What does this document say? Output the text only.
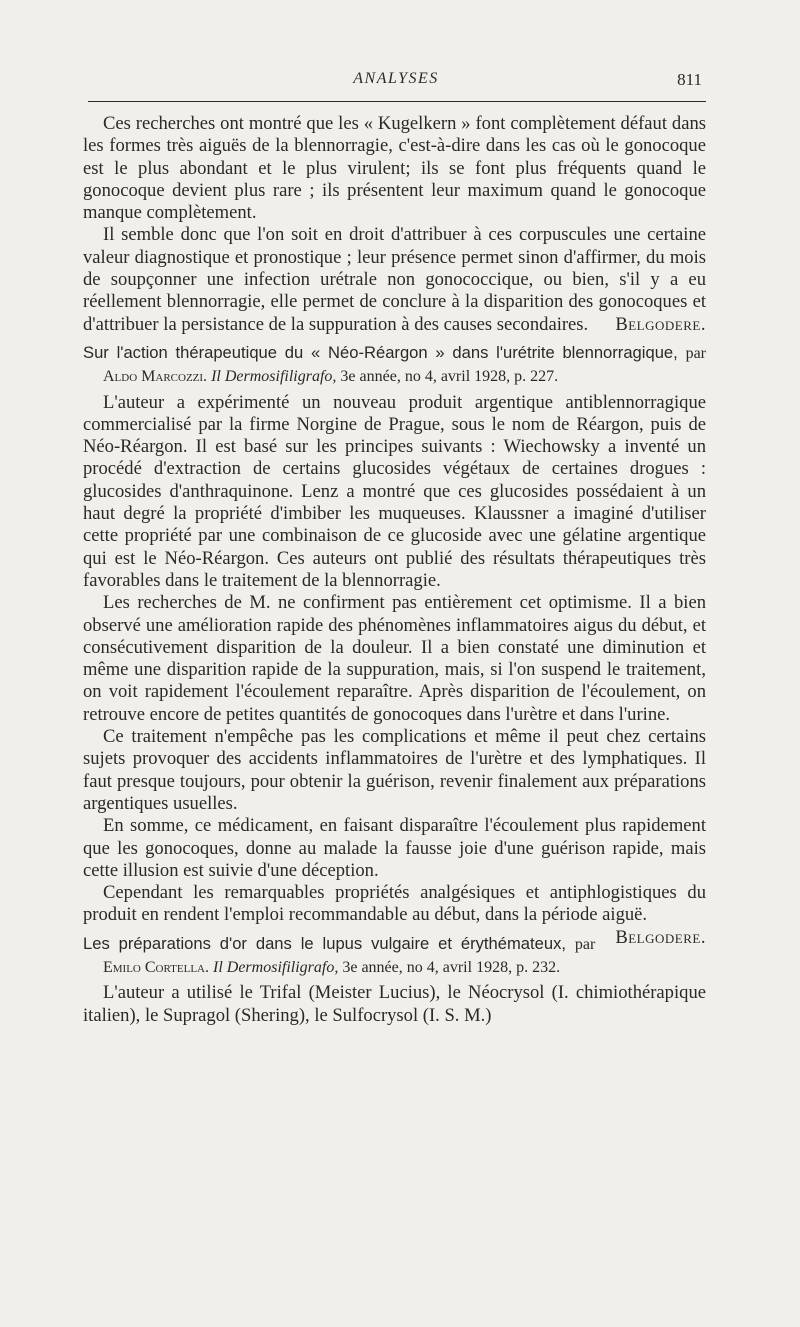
ANALYSES	811

Ces recherches ont montré que les « Kugelkern » font complètement défaut dans les formes très aiguës de la blennorragie, c'est-à-dire dans les cas où le gonocoque est le plus abondant et le plus virulent; ils se font plus fréquents quand le gonocoque devient plus rare ; ils présentent leur maximum quand le gonocoque manque complètement.

Il semble donc que l'on soit en droit d'attribuer à ces corpuscules une certaine valeur diagnostique et pronostique ; leur présence permet sinon d'affirmer, du mois de soupçonner une infection urétrale non gonococcique, ou bien, s'il y a eu réellement blennorragie, elle permet de conclure à la disparition des gonocoques et d'attribuer la persistance de la suppuration à des causes secondaires.	Belgodere.

Sur l'action thérapeutique du « Néo-Réargon » dans l'urétrite blennorragique, par Aldo Marcozzi. Il Dermosifiligrafo, 3e année, no 4, avril 1928, p. 227.

L'auteur a expérimenté un nouveau produit argentique antiblennorragique commercialisé par la firme Norgine de Prague, sous le nom de Réargon, puis de Néo-Réargon. Il est basé sur les principes suivants : Wiechowsky a inventé un procédé d'extraction de certains glucosides végétaux de certaines drogues : glucosides d'anthraquinone. Lenz a montré que ces glucosides possédaient à un haut degré la propriété d'imbiber les muqueuses. Klaussner a imaginé d'utiliser cette propriété par une combinaison de ce glucoside avec une gélatine argentique qui est le Néo-Réargon. Ces auteurs ont publié des résultats thérapeutiques très favorables dans le traitement de la blennorragie.

Les recherches de M. ne confirment pas entièrement cet optimisme. Il a bien observé une amélioration rapide des phénomènes inflammatoires aigus du début, et consécutivement disparition de la douleur. Il a bien constaté une diminution et même une disparition rapide de la suppuration, mais, si l'on suspend le traitement, on voit rapidement l'écoulement reparaître. Après disparition de l'écoulement, on retrouve encore de petites quantités de gonocoques dans l'urètre et dans l'urine.

Ce traitement n'empêche pas les complications et même il peut chez certains sujets provoquer des accidents inflammatoires de l'urètre et des lymphatiques. Il faut presque toujours, pour obtenir la guérison, revenir finalement aux préparations argentiques usuelles.

En somme, ce médicament, en faisant disparaître l'écoulement plus rapidement que les gonocoques, donne au malade la fausse joie d'une guérison rapide, mais cette illusion est suivie d'une déception.

Cependant les remarquables propriétés analgésiques et antiphlogistiques du produit en rendent l'emploi recommandable au début, dans la période aiguë.
Belgodere.

Les préparations d'or dans le lupus vulgaire et érythémateux, par Emilo Cortella. Il Dermosifiligrafo, 3e année, no 4, avril 1928, p. 232.

L'auteur a utilisé le Trifal (Meister Lucius), le Néocrysol (I. chimiothérapique italien), le Supragol (Shering), le Sulfocrysol (I. S. M.)
